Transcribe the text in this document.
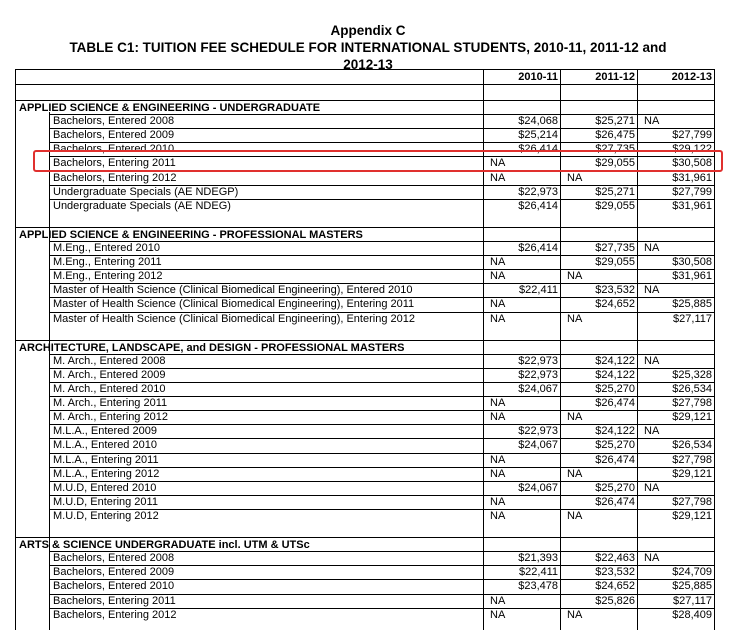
Appendix C
TABLE C1: TUITION FEE SCHEDULE FOR INTERNATIONAL STUDENTS, 2010-11, 2011-12 and
2012-13
2010-11	2011-12	2012-13
APPLIED SCIENCE & ENGINEERING - UNDERGRADUATE
Bachelors, Entered 2008	$24,068	$25,271 NA
Bachelors, Entered 2009	$25,214	$26,475	$27,799
Bachelors, Entered 2010	$26,414	$27,735	$29,122
Bachelors, Entering 2011	NA	$29,055	$30,508
Bachelors, Entering 2012	NA	NA	$31,961
Undergraduate Specials (AE NDEGP)	$22,973	$25,271	$27,799
Undergraduate Specials (AE NDEG)	$26,414	$29,055	$31,961
APPLIED SCIENCE & ENGINEERING - PROFESSIONAL MASTERS
M.Eng., Entered 2010	$26,414	$27,735 NA
M.Eng., Entering 2011	NA	$29,055	$30,508
M.Eng., Entering 2012	NA	NA	$31,961
Master of Health Science (Clinical Biomedical Engineering), Entered 2010	$22,411	$23,532 NA
Master of Health Science (Clinical Biomedical Engineering), Entering 2011	NA	$24,652	$25,885
Master of Health Science (Clinical Biomedical Engineering), Entering 2012	NA	NA	$27,117
ARCHITECTURE, LANDSCAPE, and DESIGN - PROFESSIONAL MASTERS
M. Arch., Entered 2008	$22,973	$24,122 NA
M. Arch., Entered 2009	$22,973	$24,122	$25,328
M. Arch., Entered 2010	$24,067	$25,270	$26,534
M. Arch., Entering 2011	NA	$26,474	$27,798
M. Arch., Entering 2012	NA	NA	$29,121
M.L.A., Entered 2009	$22,973	$24,122 NA
M.L.A., Entered 2010	$24,067	$25,270	$26,534
M.L.A., Entering 2011	NA	$26,474	$27,798
M.L.A., Entering 2012	NA	NA	$29,121
M.U.D, Entered 2010	$24,067	$25,270 NA
M.U.D, Entering 2011	NA	$26,474	$27,798
M.U.D, Entering 2012	NA	NA	$29,121
ARTS & SCIENCE UNDERGRADUATE incl. UTM & UTSc
Bachelors, Entered 2008	$21,393	$22,463 NA
Bachelors, Entered 2009	$22,411	$23,532	$24,709
Bachelors, Entered 2010	$23,478	$24,652	$25,885
Bachelors, Entering 2011	NA	$25,826	$27,117
Bachelors, Entering 2012	NA	NA	$28,409
